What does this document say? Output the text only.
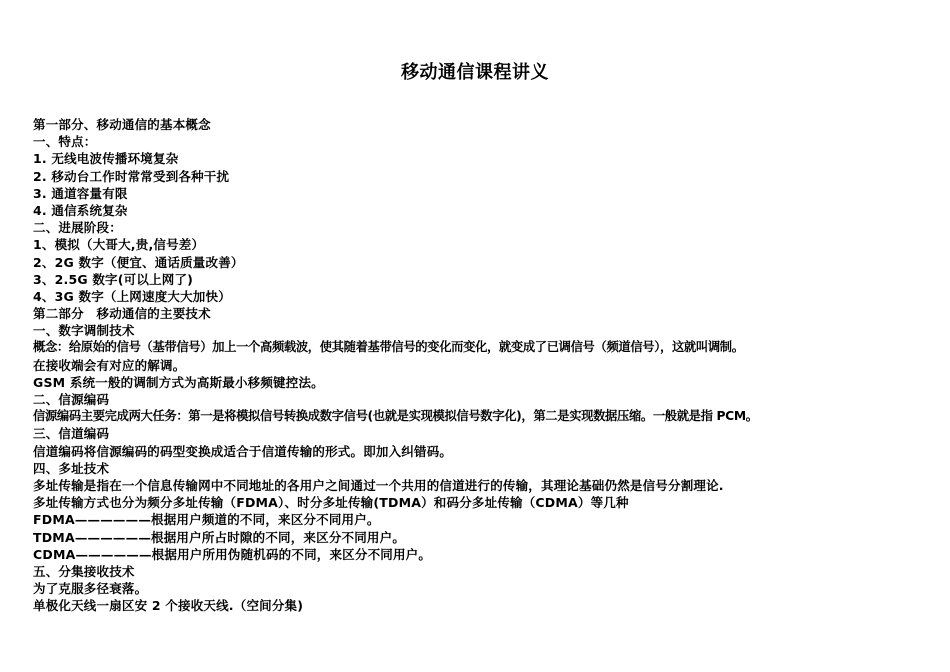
移动通信课程讲义
第一部分、移动通信的基本概念
一、特点：
1. 无线电波传播环境复杂
2. 移动台工作时常常受到各种干扰
3. 通道容量有限
4. 通信系统复杂
二、进展阶段：
1、模拟（大哥大,贵,信号差）
2、2G 数字（便宜、通话质量改善）
3、2.5G 数字(可以上网了)
4、3G 数字（上网速度大大加快）
第二部分　移动通信的主要技术
一、数字调制技术
概念：给原始的信号（基带信号）加上一个高频载波，使其随着基带信号的变化而变化，就变成了已调信号（频道信号），这就叫调制。
在接收端会有对应的解调。
GSM 系统一般的调制方式为高斯最小移频键控法。
二、信源编码
信源编码主要完成两大任务：第一是将模拟信号转换成数字信号(也就是实现模拟信号数字化)，第二是实现数据压缩。一般就是指 PCM。
三、信道编码
信道编码将信源编码的码型变换成适合于信道传输的形式。即加入纠错码。
四、多址技术
多址传输是指在一个信息传输网中不同地址的各用户之间通过一个共用的信道进行的传输，其理论基础仍然是信号分割理论.
多址传输方式也分为频分多址传输（FDMA）、时分多址传输(TDMA）和码分多址传输（CDMA）等几种
FDMA——————根据用户频道的不同，来区分不同用户。
TDMA——————根据用户所占时隙的不同，来区分不同用户。
CDMA——————根据用户所用伪随机码的不同，来区分不同用户。
五、分集接收技术
为了克服多径衰落。
单极化天线一扇区安 2 个接收天线.（空间分集)
